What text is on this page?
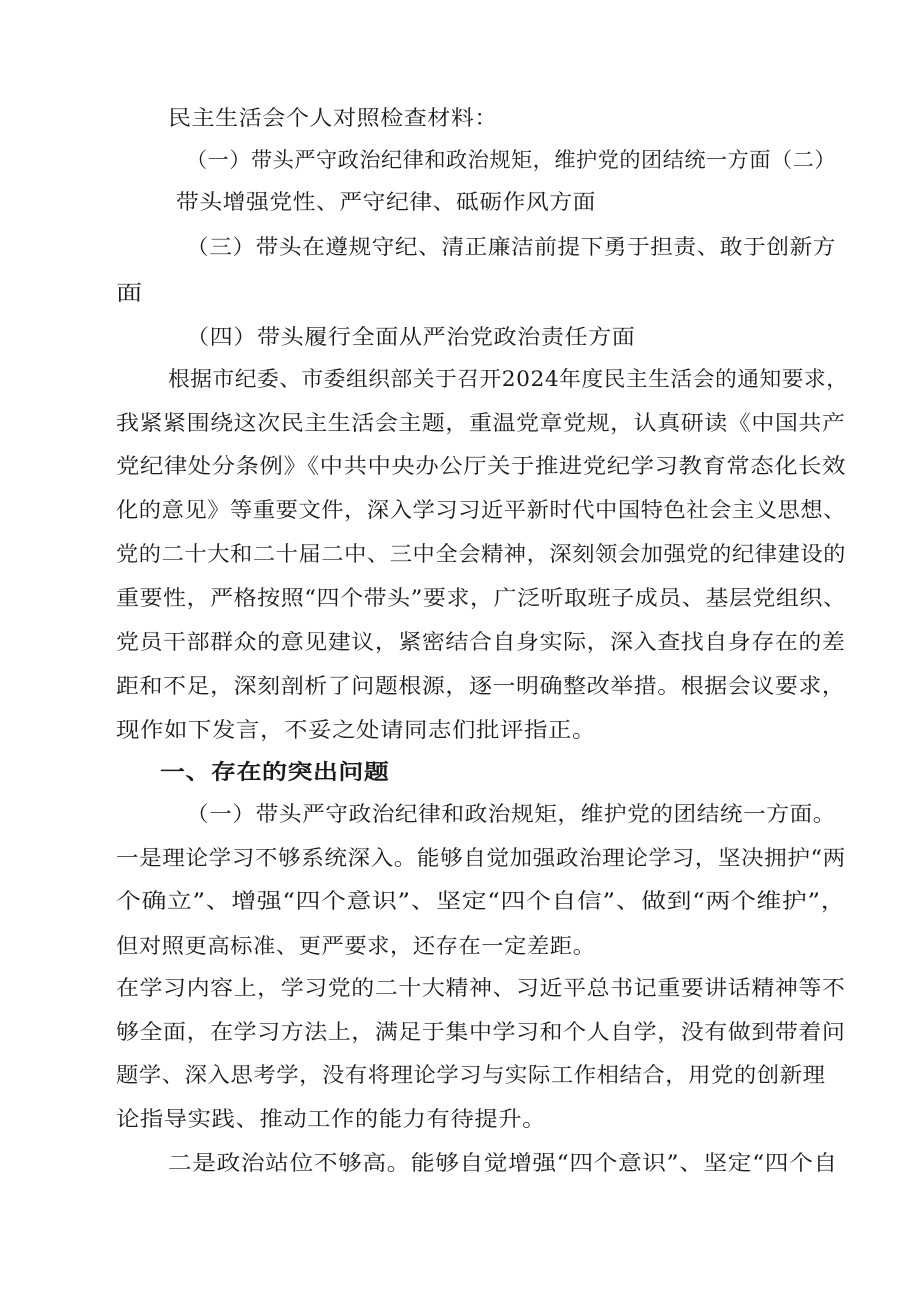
民主生活会个人对照检查材料：
（一）带头严守政治纪律和政治规矩，维护党的团结统一方面（二）
带头增强党性、严守纪律、砥砺作风方面
（三）带头在遵规守纪、清正廉洁前提下勇于担责、敢于创新方
面
（四）带头履行全面从严治党政治责任方面
根据市纪委、市委组织部关于召开2024年度民主生活会的通知要求，
我紧紧围绕这次民主生活会主题，重温党章党规，认真研读《中国共产
党纪律处分条例》《中共中央办公厅关于推进党纪学习教育常态化长效
化的意见》等重要文件，深入学习习近平新时代中国特色社会主义思想、
党的二十大和二十届二中、三中全会精神，深刻领会加强党的纪律建设的
重要性，严格按照“四个带头”要求，广泛听取班子成员、基层党组织、
党员干部群众的意见建议，紧密结合自身实际，深入查找自身存在的差
距和不足，深刻剖析了问题根源，逐一明确整改举措。根据会议要求，
现作如下发言，不妥之处请同志们批评指正。
一、存在的突出问题
（一）带头严守政治纪律和政治规矩，维护党的团结统一方面。
一是理论学习不够系统深入。能够自觉加强政治理论学习，坚决拥护“两
个确立”、增强“四个意识”、坚定“四个自信”、做到“两个维护”，
但对照更高标准、更严要求，还存在一定差距。
在学习内容上，学习党的二十大精神、习近平总书记重要讲话精神等不
够全面，在学习方法上，满足于集中学习和个人自学，没有做到带着问
题学、深入思考学，没有将理论学习与实际工作相结合，用党的创新理
论指导实践、推动工作的能力有待提升。
二是政治站位不够高。能够自觉增强“四个意识”、坚定“四个自
